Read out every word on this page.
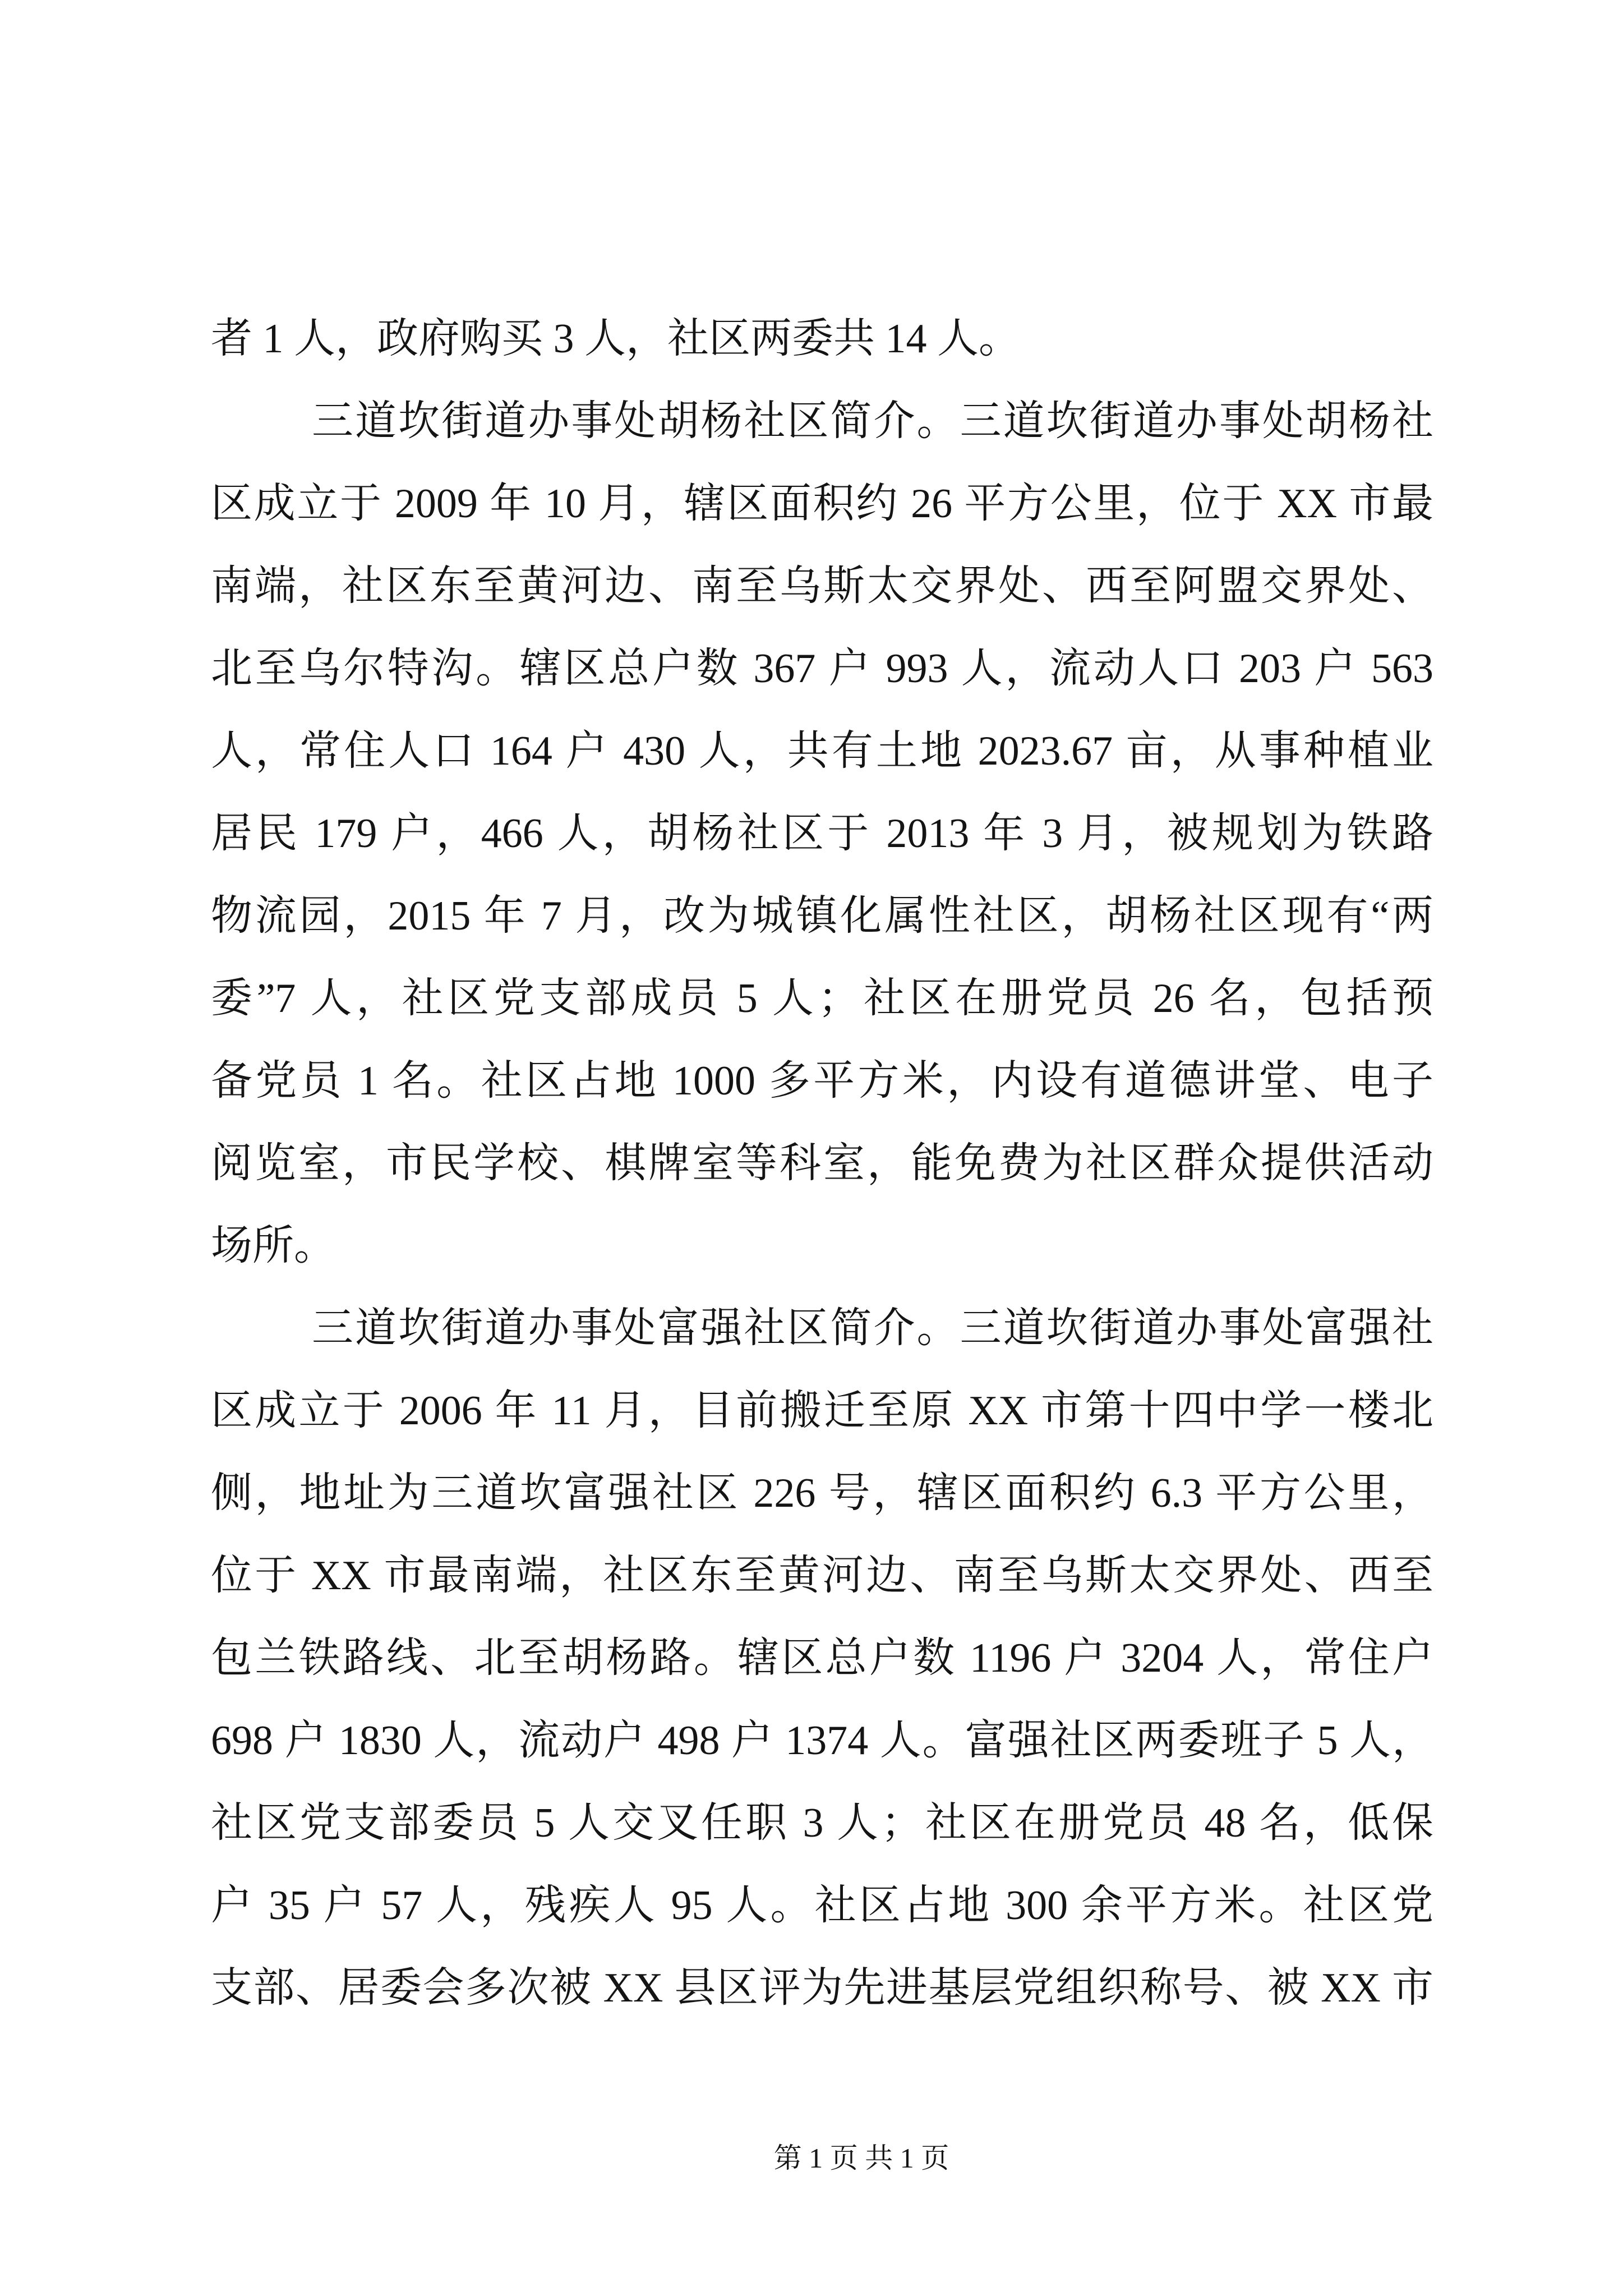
者 1 人，政府购买 3 人，社区两委共 14 人。
三道坎街道办事处胡杨社区简介。三道坎街道办事处胡杨社
区成立于 2009 年 10 月，辖区面积约 26 平方公里，位于 XX 市最
南端，社区东至黄河边、南至乌斯太交界处、西至阿盟交界处、
北至乌尔特沟。辖区总户数 367 户 993 人，流动人口 203 户 563
人，常住人口 164 户 430 人，共有土地 2023.67 亩，从事种植业
居民 179 户，466 人，胡杨社区于 2013 年 3 月，被规划为铁路
物流园，2015 年 7 月，改为城镇化属性社区，胡杨社区现有“两
委”7 人，社区党支部成员 5 人；社区在册党员 26 名，包括预
备党员 1 名。社区占地 1000 多平方米，内设有道德讲堂、电子
阅览室，市民学校、棋牌室等科室，能免费为社区群众提供活动
场所。
三道坎街道办事处富强社区简介。三道坎街道办事处富强社
区成立于 2006 年 11 月，目前搬迁至原 XX 市第十四中学一楼北
侧，地址为三道坎富强社区 226 号，辖区面积约 6.3 平方公里，
位于 XX 市最南端，社区东至黄河边、南至乌斯太交界处、西至
包兰铁路线、北至胡杨路。辖区总户数 1196 户 3204 人，常住户
698 户 1830 人，流动户 498 户 1374 人。富强社区两委班子 5 人，
社区党支部委员 5 人交叉任职 3 人；社区在册党员 48 名，低保
户 35 户 57 人，残疾人 95 人。社区占地 300 余平方米。社区党
支部、居委会多次被 XX 县区评为先进基层党组织称号、被 XX 市
第 1 页 共 1 页
